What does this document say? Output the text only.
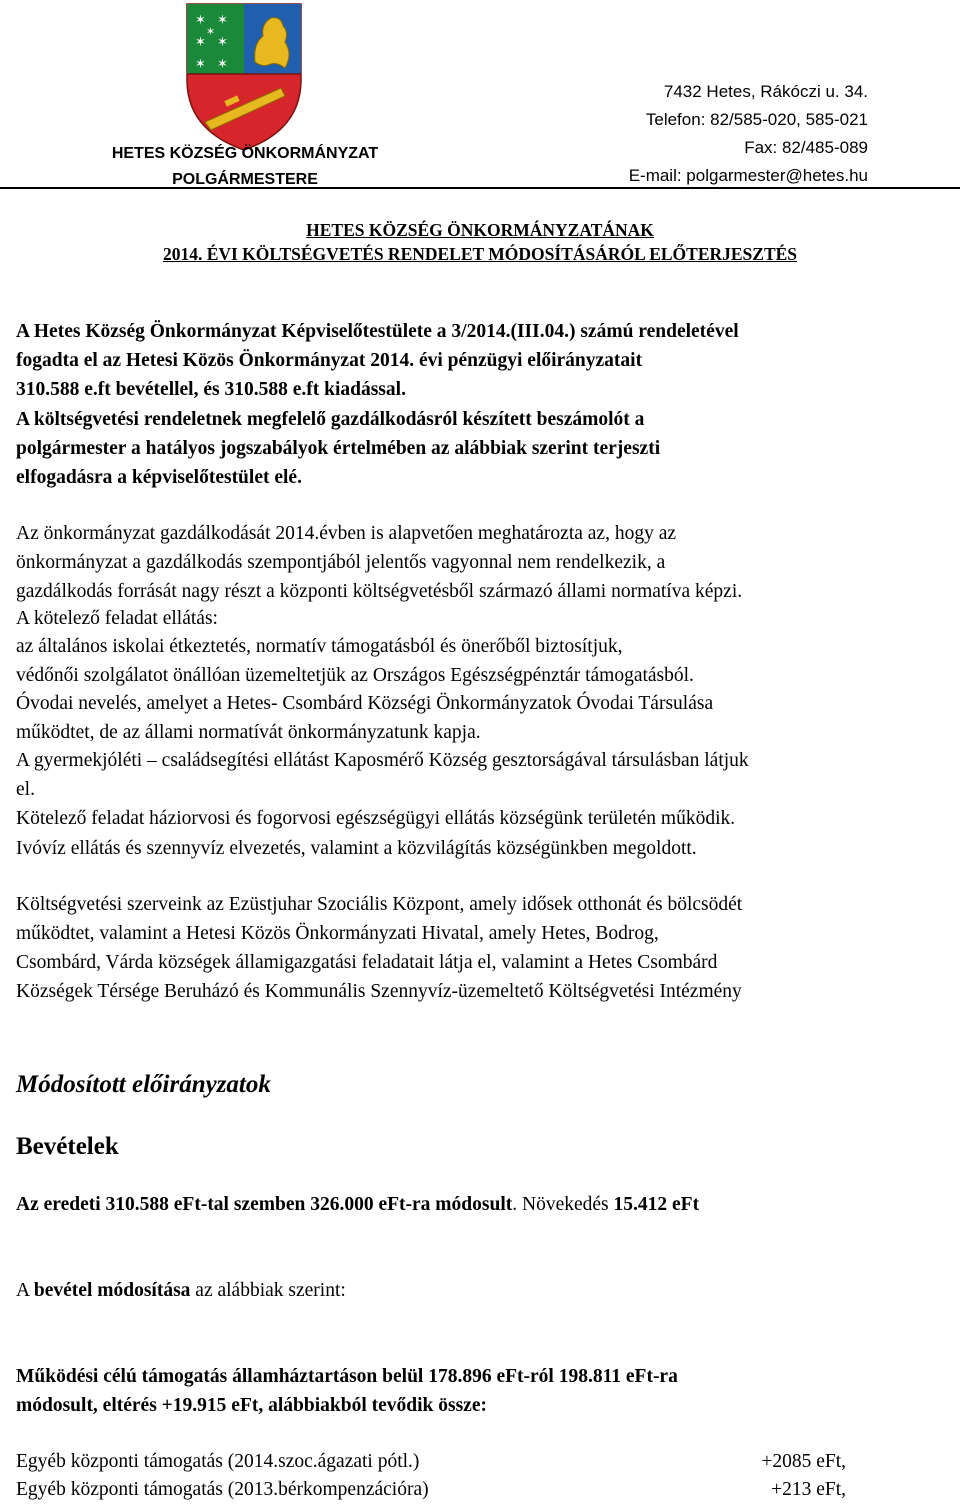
✶ ✶
✶ ✶
✶ ✶
✶
HETES KÖZSÉG ÖNKORMÁNYZAT
POLGÁRMESTERE
7432 Hetes, Rákóczi u. 34.
Telefon: 82/585-020, 585-021
Fax: 82/485-089
E-mail: polgarmester@hetes.hu
HETES KÖZSÉG ÖNKORMÁNYZATÁNAK
2014. ÉVI KÖLTSÉGVETÉS RENDELET MÓDOSÍTÁSÁRÓL ELŐTERJESZTÉS
A Hetes Község Önkormányzat Képviselőtestülete a 3/2014.(III.04.) számú rendeletével
fogadta el az Hetesi Közös Önkormányzat 2014. évi pénzügyi előirányzatait
310.588 e.ft bevétellel, és 310.588 e.ft kiadással.
A költségvetési rendeletnek megfelelő gazdálkodásról készített beszámolót a
polgármester a hatályos jogszabályok értelmében az alábbiak szerint terjeszti
elfogadásra a képviselőtestület elé.
Az önkormányzat gazdálkodását 2014.évben is alapvetően meghatározta az, hogy az
önkormányzat a gazdálkodás szempontjából jelentős vagyonnal nem rendelkezik, a
gazdálkodás forrását nagy részt a központi költségvetésből származó állami normatíva képzi.
A kötelező feladat ellátás:
az általános iskolai étkeztetés, normatív támogatásból és önerőből biztosítjuk,
védőnői szolgálatot önállóan üzemeltetjük az Országos Egészségpénztár támogatásból.
Óvodai nevelés, amelyet a Hetes- Csombárd Községi Önkormányzatok Óvodai Társulása
működtet, de az állami normatívát önkormányzatunk kapja.
A gyermekjóléti – családsegítési ellátást Kaposmérő Község gesztorságával társulásban látjuk
el.
Kötelező feladat háziorvosi és fogorvosi egészségügyi ellátás községünk területén működik.
Ivóvíz ellátás és szennyvíz elvezetés, valamint a közvilágítás községünkben megoldott.
Költségvetési szerveink az Ezüstjuhar Szociális Központ, amely idősek otthonát és bölcsödét
működtet, valamint a Hetesi Közös Önkormányzati Hivatal, amely Hetes, Bodrog,
Csombárd, Várda községek államigazgatási feladatait látja el, valamint a Hetes Csombárd
Községek Térsége Beruházó és Kommunális Szennyvíz-üzemeltető Költségvetési Intézmény
Módosított előirányzatok
Bevételek
Az eredeti 310.588 eFt-tal szemben 326.000 eFt-ra módosult. Növekedés 15.412 eFt
A bevétel módosítása az alábbiak szerint:
Működési célú támogatás államháztartáson belül 178.896 eFt-ról 198.811 eFt-ra
módosult, eltérés +19.915 eFt, alábbiakból tevődik össze:
Egyéb központi támogatás (2014.szoc.ágazati pótl.)	+2085 eFt,
Egyéb központi támogatás (2013.bérkompenzációra)	+213 eFt,
